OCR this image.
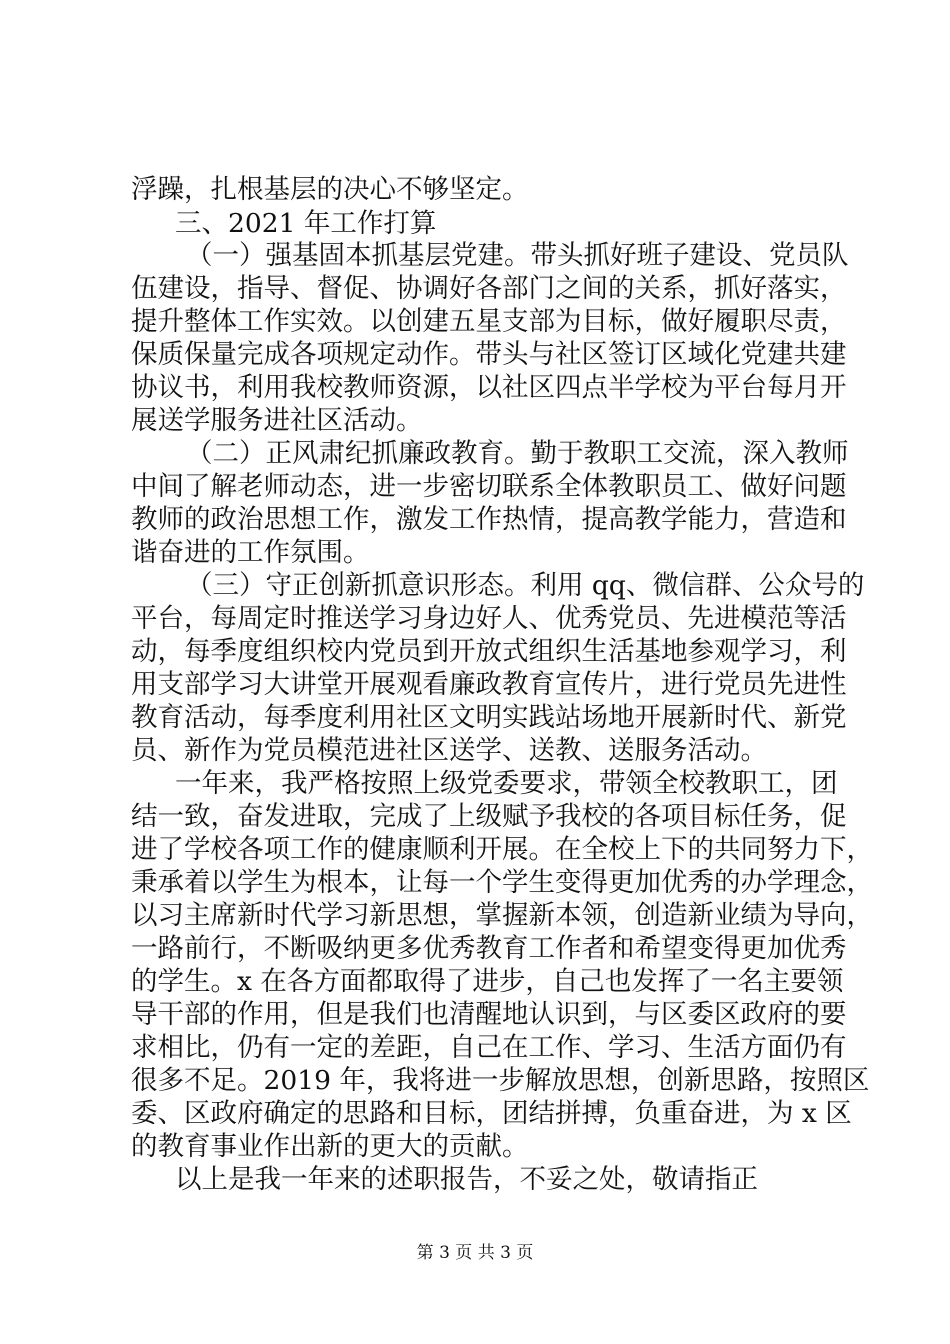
浮躁，扎根基层的决心不够坚定。
三、2021 年工作打算
（一）强基固本抓基层党建。带头抓好班子建设、党员队
伍建设，指导、督促、协调好各部门之间的关系，抓好落实，
提升整体工作实效。以创建五星支部为目标，做好履职尽责，
保质保量完成各项规定动作。带头与社区签订区域化党建共建
协议书，利用我校教师资源，以社区四点半学校为平台每月开
展送学服务进社区活动。
（二）正风肃纪抓廉政教育。勤于教职工交流，深入教师
中间了解老师动态，进一步密切联系全体教职员工、做好问题
教师的政治思想工作，激发工作热情，提高教学能力，营造和
谐奋进的工作氛围。
（三）守正创新抓意识形态。利用 qq、微信群、公众号的
平台，每周定时推送学习身边好人、优秀党员、先进模范等活
动，每季度组织校内党员到开放式组织生活基地参观学习，利
用支部学习大讲堂开展观看廉政教育宣传片，进行党员先进性
教育活动，每季度利用社区文明实践站场地开展新时代、新党
员、新作为党员模范进社区送学、送教、送服务活动。
一年来，我严格按照上级党委要求，带领全校教职工，团
结一致，奋发进取，完成了上级赋予我校的各项目标任务，促
进了学校各项工作的健康顺利开展。在全校上下的共同努力下，
秉承着以学生为根本，让每一个学生变得更加优秀的办学理念，
以习主席新时代学习新思想，掌握新本领，创造新业绩为导向，
一路前行，不断吸纳更多优秀教育工作者和希望变得更加优秀
的学生。x 在各方面都取得了进步，自己也发挥了一名主要领
导干部的作用，但是我们也清醒地认识到，与区委区政府的要
求相比，仍有一定的差距，自己在工作、学习、生活方面仍有
很多不足。2019 年，我将进一步解放思想，创新思路，按照区
委、区政府确定的思路和目标，团结拼搏，负重奋进，为 x 区
的教育事业作出新的更大的贡献。
以上是我一年来的述职报告，不妥之处，敬请指正
第 3 页 共 3 页
